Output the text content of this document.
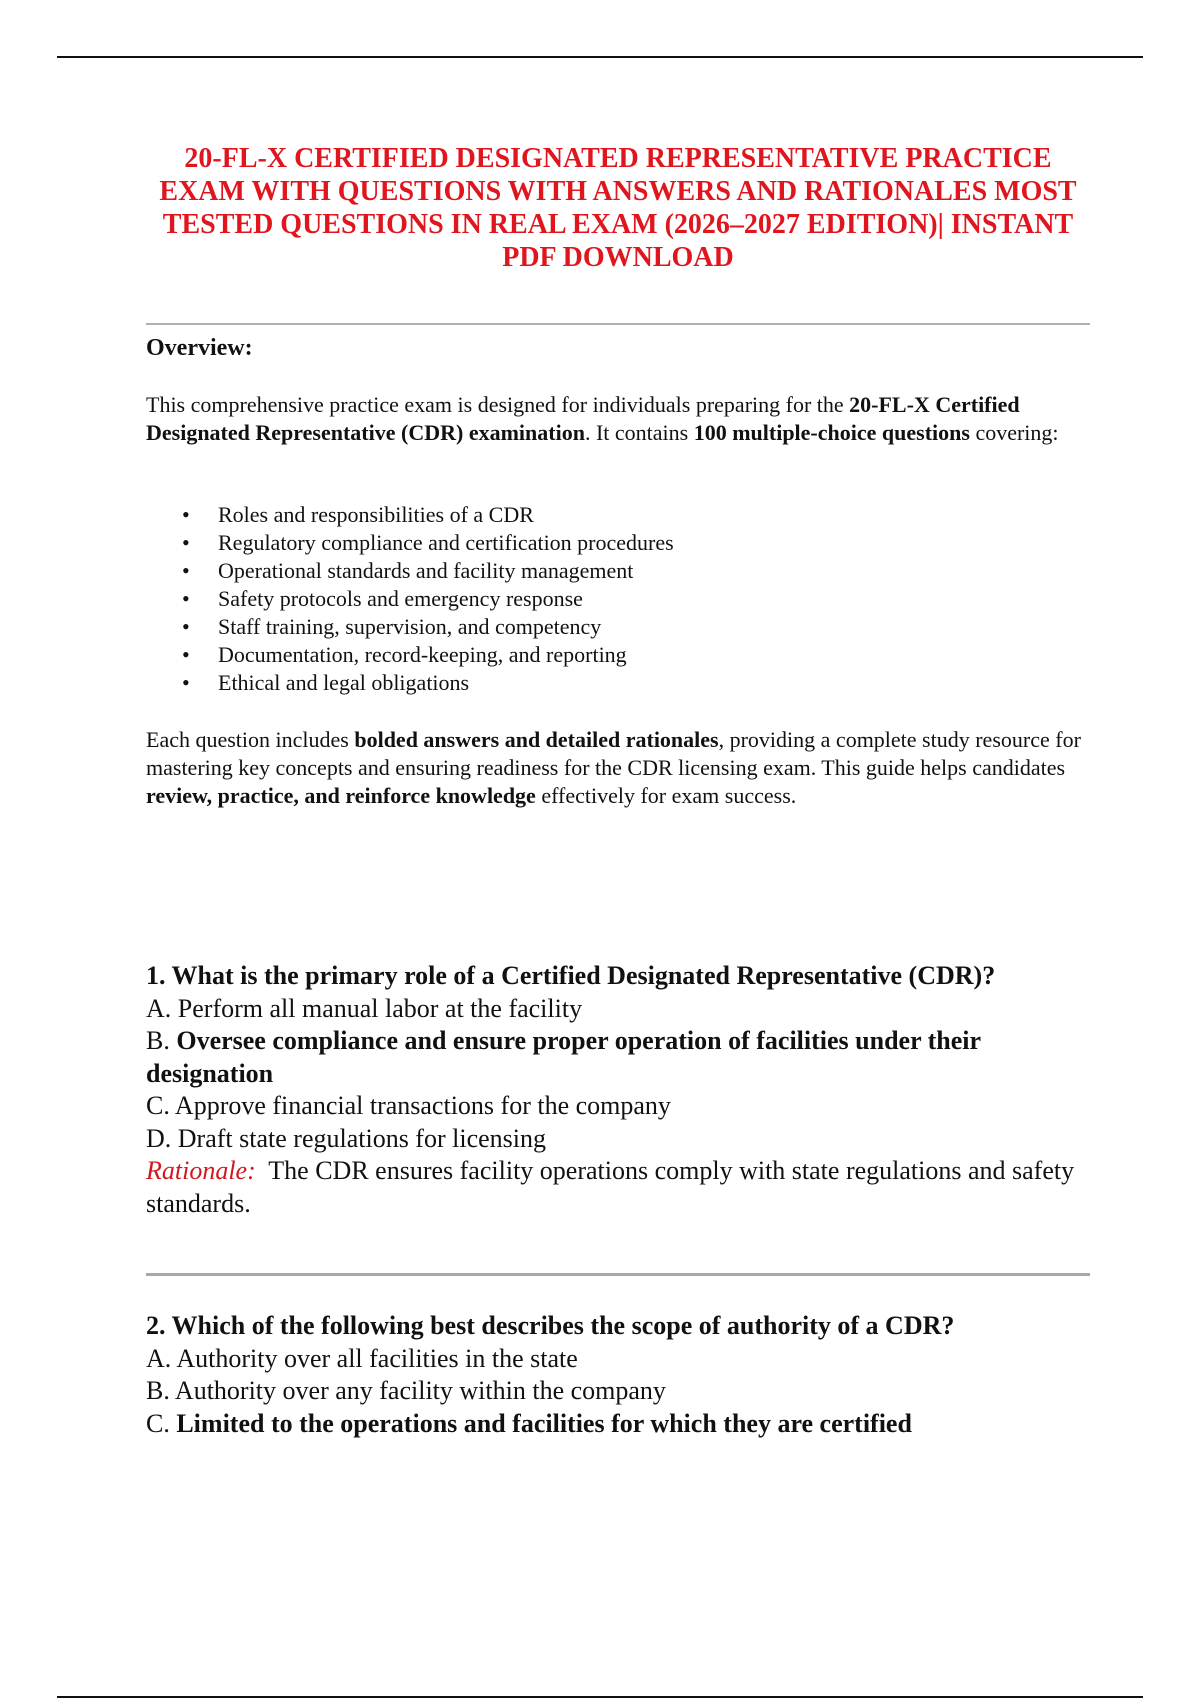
20-FL-X CERTIFIED DESIGNATED REPRESENTATIVE PRACTICE EXAM WITH QUESTIONS WITH ANSWERS AND RATIONALES MOST TESTED QUESTIONS IN REAL EXAM (2026–2027 EDITION)| INSTANT PDF DOWNLOAD
Overview:

This comprehensive practice exam is designed for individuals preparing for the 20-FL-X Certified Designated Representative (CDR) examination. It contains 100 multiple-choice questions covering:

• Roles and responsibilities of a CDR
• Regulatory compliance and certification procedures
• Operational standards and facility management
• Safety protocols and emergency response
• Staff training, supervision, and competency
• Documentation, record-keeping, and reporting
• Ethical and legal obligations

Each question includes bolded answers and detailed rationales, providing a complete study resource for mastering key concepts and ensuring readiness for the CDR licensing exam. This guide helps candidates review, practice, and reinforce knowledge effectively for exam success.

1. What is the primary role of a Certified Designated Representative (CDR)?

A. Perform all manual labor at the facility

B. Oversee compliance and ensure proper operation of facilities under their designation

C. Approve financial transactions for the company

D. Draft state regulations for licensing

Rationale: The CDR ensures facility operations comply with state regulations and safety standards.

2. Which of the following best describes the scope of authority of a CDR?

A. Authority over all facilities in the state

B. Authority over any facility within the company

C. Limited to the operations and facilities for which they are certified
